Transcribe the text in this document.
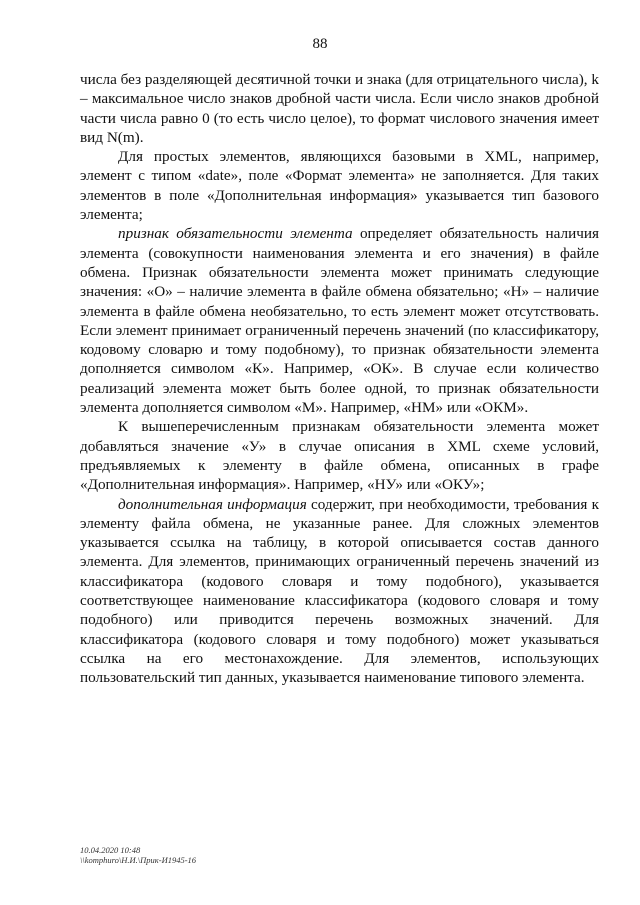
88

числа без разделяющей десятичной точки и знака (для отрицательного числа), k – максимальное число знаков дробной части числа. Если число знаков дробной части числа равно 0 (то есть число целое), то формат числового значения имеет вид N(m).

Для простых элементов, являющихся базовыми в XML, например, элемент с типом «date», поле «Формат элемента» не заполняется. Для таких элементов в поле «Дополнительная информация» указывается тип базового элемента;

признак обязательности элемента определяет обязательность наличия элемента (совокупности наименования элемента и его значения) в файле обмена. Признак обязательности элемента может принимать следующие значения: «О» – наличие элемента в файле обмена обязательно; «Н» – наличие элемента в файле обмена необязательно, то есть элемент может отсутствовать. Если элемент принимает ограниченный перечень значений (по классификатору, кодовому словарю и тому подобному), то признак обязательности элемента дополняется символом «К». Например, «ОК». В случае если количество реализаций элемента может быть более одной, то признак обязательности элемента дополняется символом «М». Например, «НМ» или «ОКМ».

К вышеперечисленным признакам обязательности элемента может добавляться значение «У» в случае описания в XML схеме условий, предъявляемых к элементу в файле обмена, описанных в графе «Дополнительная информация». Например, «НУ» или «ОКУ»;

дополнительная информация содержит, при необходимости, требования к элементу файла обмена, не указанные ранее. Для сложных элементов указывается ссылка на таблицу, в которой описывается состав данного элемента. Для элементов, принимающих ограниченный перечень значений из классификатора (кодового словаря и тому подобного), указывается соответствующее наименование классификатора (кодового словаря и тому подобного) или приводится перечень возможных значений. Для классификатора (кодового словаря и тому подобного) может указываться ссылка на его местонахождение. Для элементов, использующих пользовательский тип данных, указывается наименование типового элемента.

10.04.2020 10:48
\\komphuro\Н.И.\Прик-И1945-16
